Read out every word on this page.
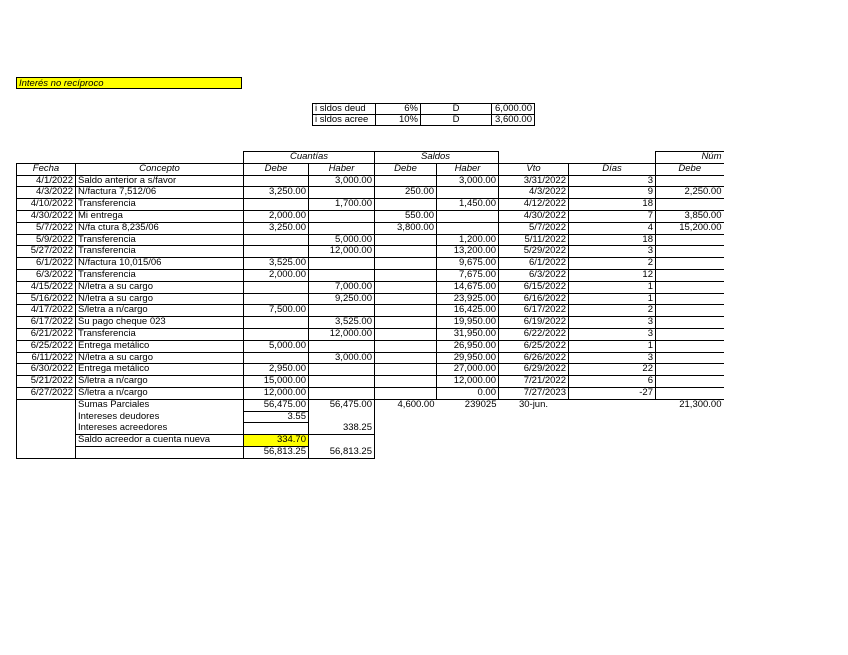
Interés no recíproco
i sldos deud	6%	D	6,000.00
i sldos acree	10%	D	3,600.00
		Cuantías		Saldos				Núm
Fecha	Concepto	Debe	Haber	Debe	Haber	Vto	Días	Debe
4/1/2022	Saldo anterior a s/favor		3,000.00		3,000.00	3/31/2022	3	
4/3/2022	N/factura 7,512/06	3,250.00		250.00		4/3/2022	9	2,250.00
4/10/2022	Transferencia		1,700.00		1,450.00	4/12/2022	18	
4/30/2022	Mi entrega	2,000.00		550.00		4/30/2022	7	3,850.00
5/7/2022	N/fa ctura 8,235/06	3,250.00		3,800.00		5/7/2022	4	15,200.00
5/9/2022	Transferencia		5,000.00		1,200.00	5/11/2022	18	
5/27/2022	Transferencia		12,000.00		13,200.00	5/29/2022	3	
6/1/2022	N/factura 10,015/06	3,525.00			9,675.00	6/1/2022	2	
6/3/2022	Transferencia	2,000.00			7,675.00	6/3/2022	12	
4/15/2022	N/letra a su cargo		7,000.00		14,675.00	6/15/2022	1	
5/16/2022	N/letra a su cargo		9,250.00		23,925.00	6/16/2022	1	
4/17/2022	S/letra a n/cargo	7,500.00			16,425.00	6/17/2022	2	
6/17/2022	Su pago cheque 023		3,525.00		19,950.00	6/19/2022	3	
6/21/2022	Transferencia		12,000.00		31,950.00	6/22/2022	3	
6/25/2022	Entrega metálico	5,000.00			26,950.00	6/25/2022	1	
6/11/2022	N/letra a su cargo		3,000.00		29,950.00	6/26/2022	3	
6/30/2022	Entrega metálico	2,950.00			27,000.00	6/29/2022	22	
5/21/2022	S/letra a n/cargo	15,000.00			12,000.00	7/21/2022	6	
6/27/2022	S/letra a n/cargo	12,000.00			0.00	7/27/2023	-27	
	Sumas Parciales	56,475.00	56,475.00	4,600.00	239025	30-jun.		21,300.00
	Intereses deudores	3.55						
	Intereses acreedores		338.25					
	Saldo acreedor a cuenta nueva	334.70						
		56,813.25	56,813.25					
